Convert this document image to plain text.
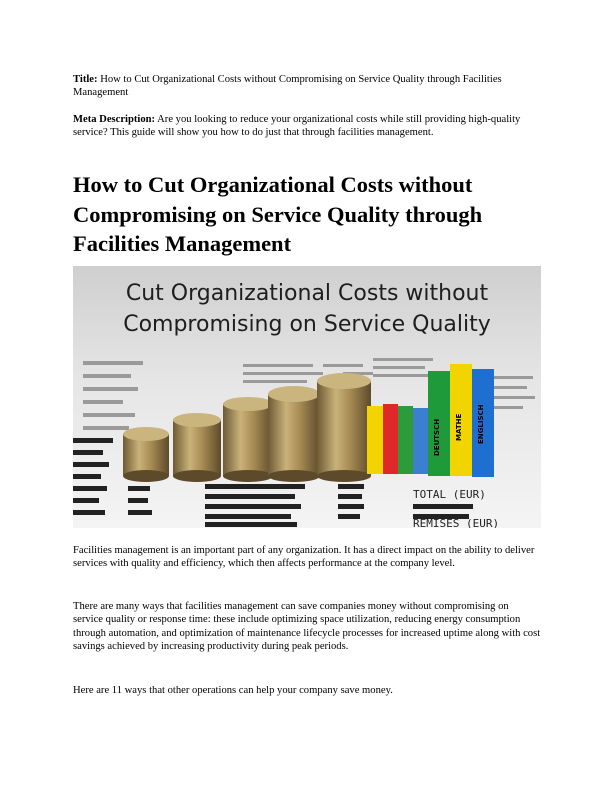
Title: How to Cut Organizational Costs without Compromising on Service Quality through Facilities Management

Meta Description: Are you looking to reduce your organizational costs while still providing high-quality service? This guide will show you how to do just that through facilities management.

How to Cut Organizational Costs without Compromising on Service Quality through Facilities Management
TOTAL (EUR)
REMISES (EUR)
DEUTSCH MATHE ENGLISCH
Cut Organizational Costs without
Compromising on Service Quality

Facilities management is an important part of any organization. It has a direct impact on the ability to deliver services with quality and efficiency, which then affects performance at the company level.

There are many ways that facilities management can save companies money without compromising on service quality or response time: these include optimizing space utilization, reducing energy consumption through automation, and optimization of maintenance lifecycle processes for increased uptime along with cost savings achieved by increasing productivity during peak periods.

Here are 11 ways that other operations can help your company save money.
